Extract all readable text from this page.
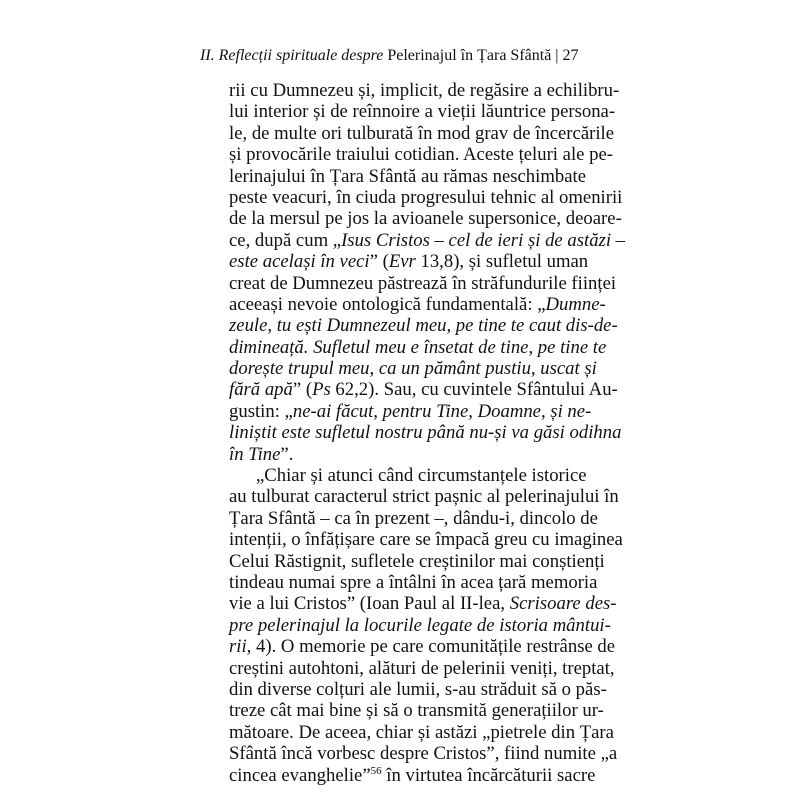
II. Reflecții spirituale despre Pelerinajul în Țara Sfântă | 27
rii cu Dumnezeu și, implicit, de regăsire a echilibru-
lui interior și de reînnoire a vieții lăuntrice persona-
le, de multe ori tulburată în mod grav de încercările
și provocările traiului cotidian. Aceste țeluri ale pe-
lerinajului în Țara Sfântă au rămas neschimbate
peste veacuri, în ciuda progresului tehnic al omenirii
de la mersul pe jos la avioanele supersonice, deoare-
ce, după cum „Isus Cristos – cel de ieri și de astăzi –
este același în veci” (Evr 13,8), și sufletul uman
creat de Dumnezeu păstrează în străfundurile ființei
aceeași nevoie ontologică fundamentală: „Dumne-
zeule, tu ești Dumnezeul meu, pe tine te caut dis-de-
dimineață. Sufletul meu e însetat de tine, pe tine te
dorește trupul meu, ca un pământ pustiu, uscat și
fără apă” (Ps 62,2). Sau, cu cuvintele Sfântului Au-
gustin: „ne-ai făcut, pentru Tine, Doamne, și ne-
liniștit este sufletul nostru până nu-și va găsi odihna
în Tine”.
„Chiar și atunci când circumstanțele istorice
au tulburat caracterul strict pașnic al pelerinajului în
Țara Sfântă – ca în prezent –, dându-i, dincolo de
intenții, o înfățișare care se împacă greu cu imaginea
Celui Răstignit, sufletele creștinilor mai conștienți
tindeau numai spre a întâlni în acea țară memoria
vie a lui Cristos” (Ioan Paul al II-lea, Scrisoare des-
pre pelerinajul la locurile legate de istoria mântui-
rii, 4). O memorie pe care comunitățile restrânse de
creștini autohtoni, alături de pelerinii veniți, treptat,
din diverse colțuri ale lumii, s-au străduit să o păs-
treze cât mai bine și să o transmită generațiilor ur-
mătoare. De aceea, chiar și astăzi „pietrele din Țara
Sfântă încă vorbesc despre Cristos”, fiind numite „a
cincea evanghelie”$^{56}$ în virtutea încărcăturii sacre
